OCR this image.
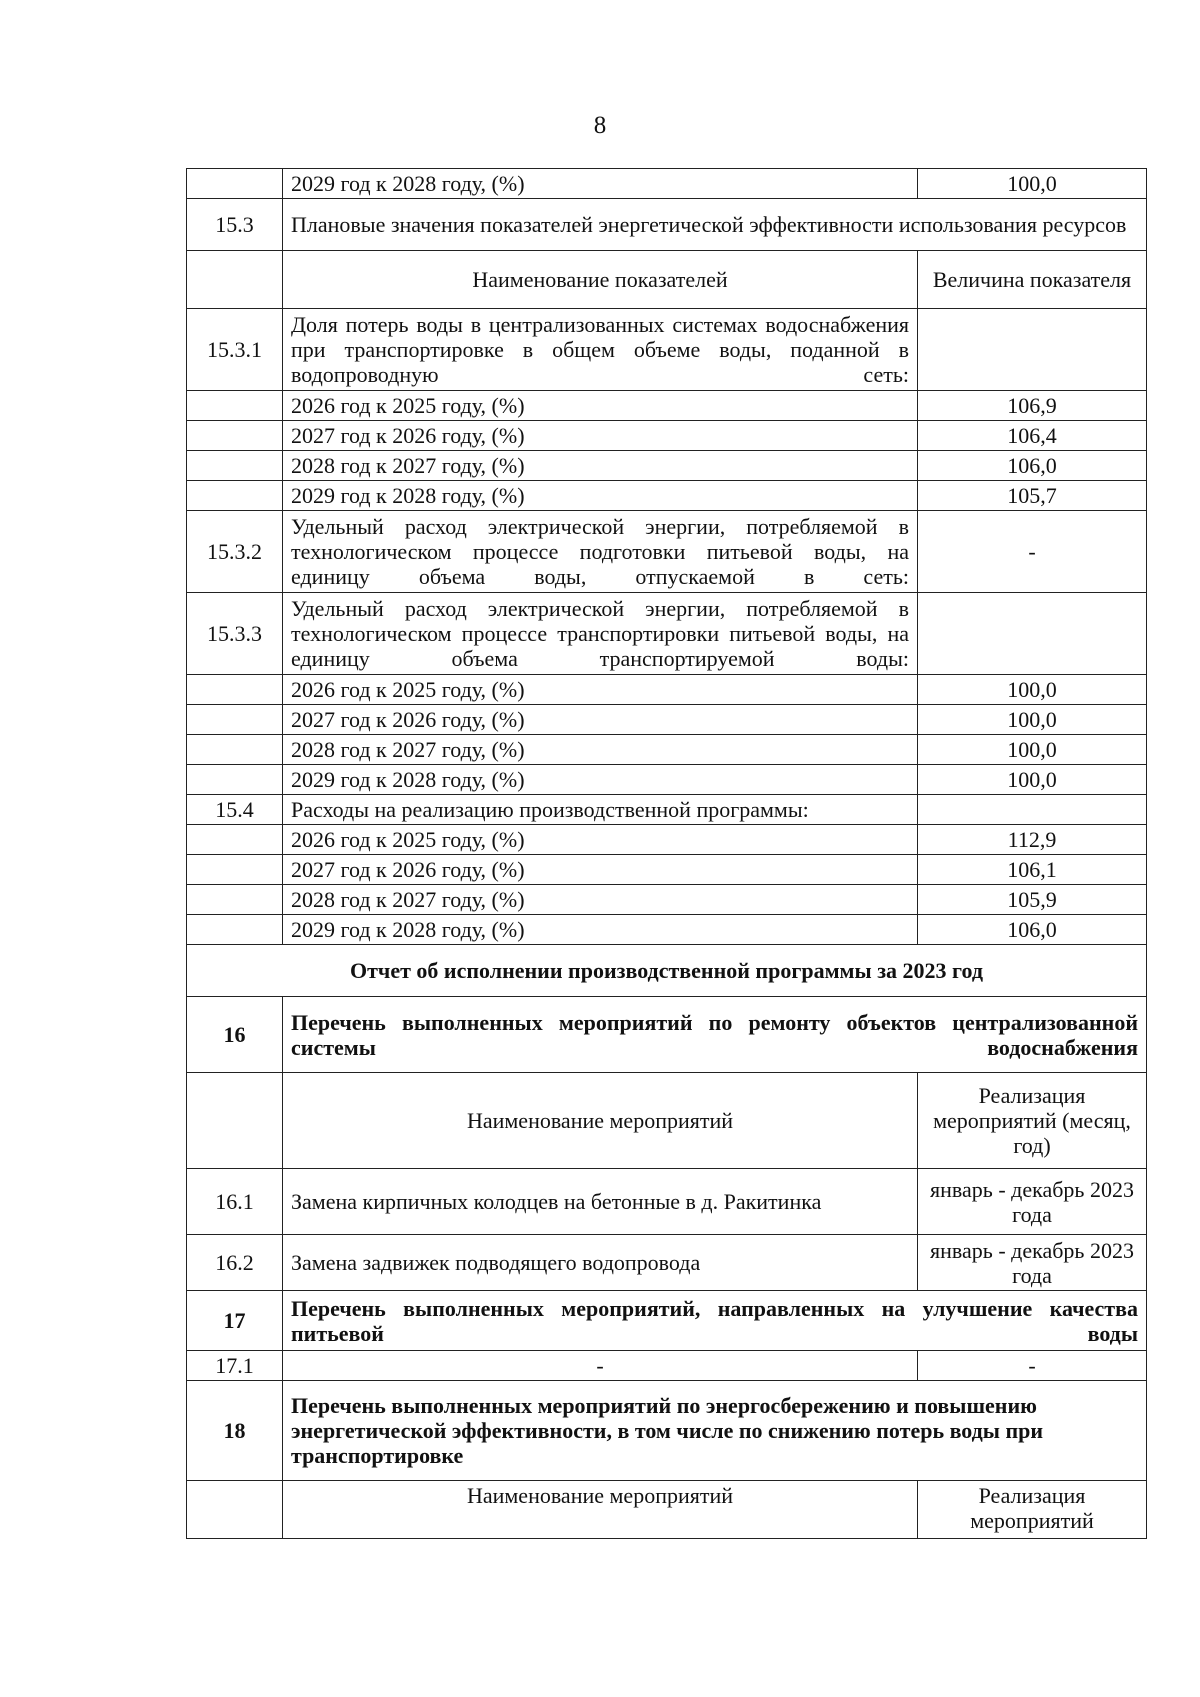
8
	2029 год к 2028 году, (%)	100,0
15.3	Плановые значения показателей энергетической эффективности использования ресурсов	
	Наименование показателей	Величина показателя
15.3.1	Доля потерь воды в централизованных системах водоснабжения при транспортировке в общем объеме воды, поданной в водопроводную сеть:	
	2026 год к 2025 году, (%)	106,9
	2027 год к 2026 году, (%)	106,4
	2028 год к 2027 году, (%)	106,0
	2029 год к 2028 году, (%)	105,7
15.3.2	Удельный расход электрической энергии, потребляемой в технологическом процессе подготовки питьевой воды, на единицу объема воды, отпускаемой в сеть:	-
15.3.3	Удельный расход электрической энергии, потребляемой в технологическом процессе транспортировки питьевой воды, на единицу объема транспортируемой воды:	
	2026 год к 2025 году, (%)	100,0
	2027 год к 2026 году, (%)	100,0
	2028 год к 2027 году, (%)	100,0
	2029 год к 2028 году, (%)	100,0
15.4	Расходы на реализацию производственной программы:	
	2026 год к 2025 году, (%)	112,9
	2027 год к 2026 году, (%)	106,1
	2028 год к 2027 году, (%)	105,9
	2029 год к 2028 году, (%)	106,0
Отчет об исполнении производственной программы за 2023 год		
16	Перечень выполненных мероприятий по ремонту объектов централизованной системы водоснабжения	
	Наименование мероприятий	Реализация мероприятий (месяц, год)
16.1	Замена кирпичных колодцев на бетонные в д. Ракитинка	январь - декабрь 2023 года
16.2	Замена задвижек подводящего водопровода	январь - декабрь 2023 года
17	Перечень выполненных мероприятий, направленных на улучшение качества питьевой воды	
17.1	-	-
18	Перечень выполненных мероприятий по энергосбережению и повышению энергетической эффективности, в том числе по снижению потерь воды при транспортировке	
	Наименование мероприятий	Реализация мероприятий
